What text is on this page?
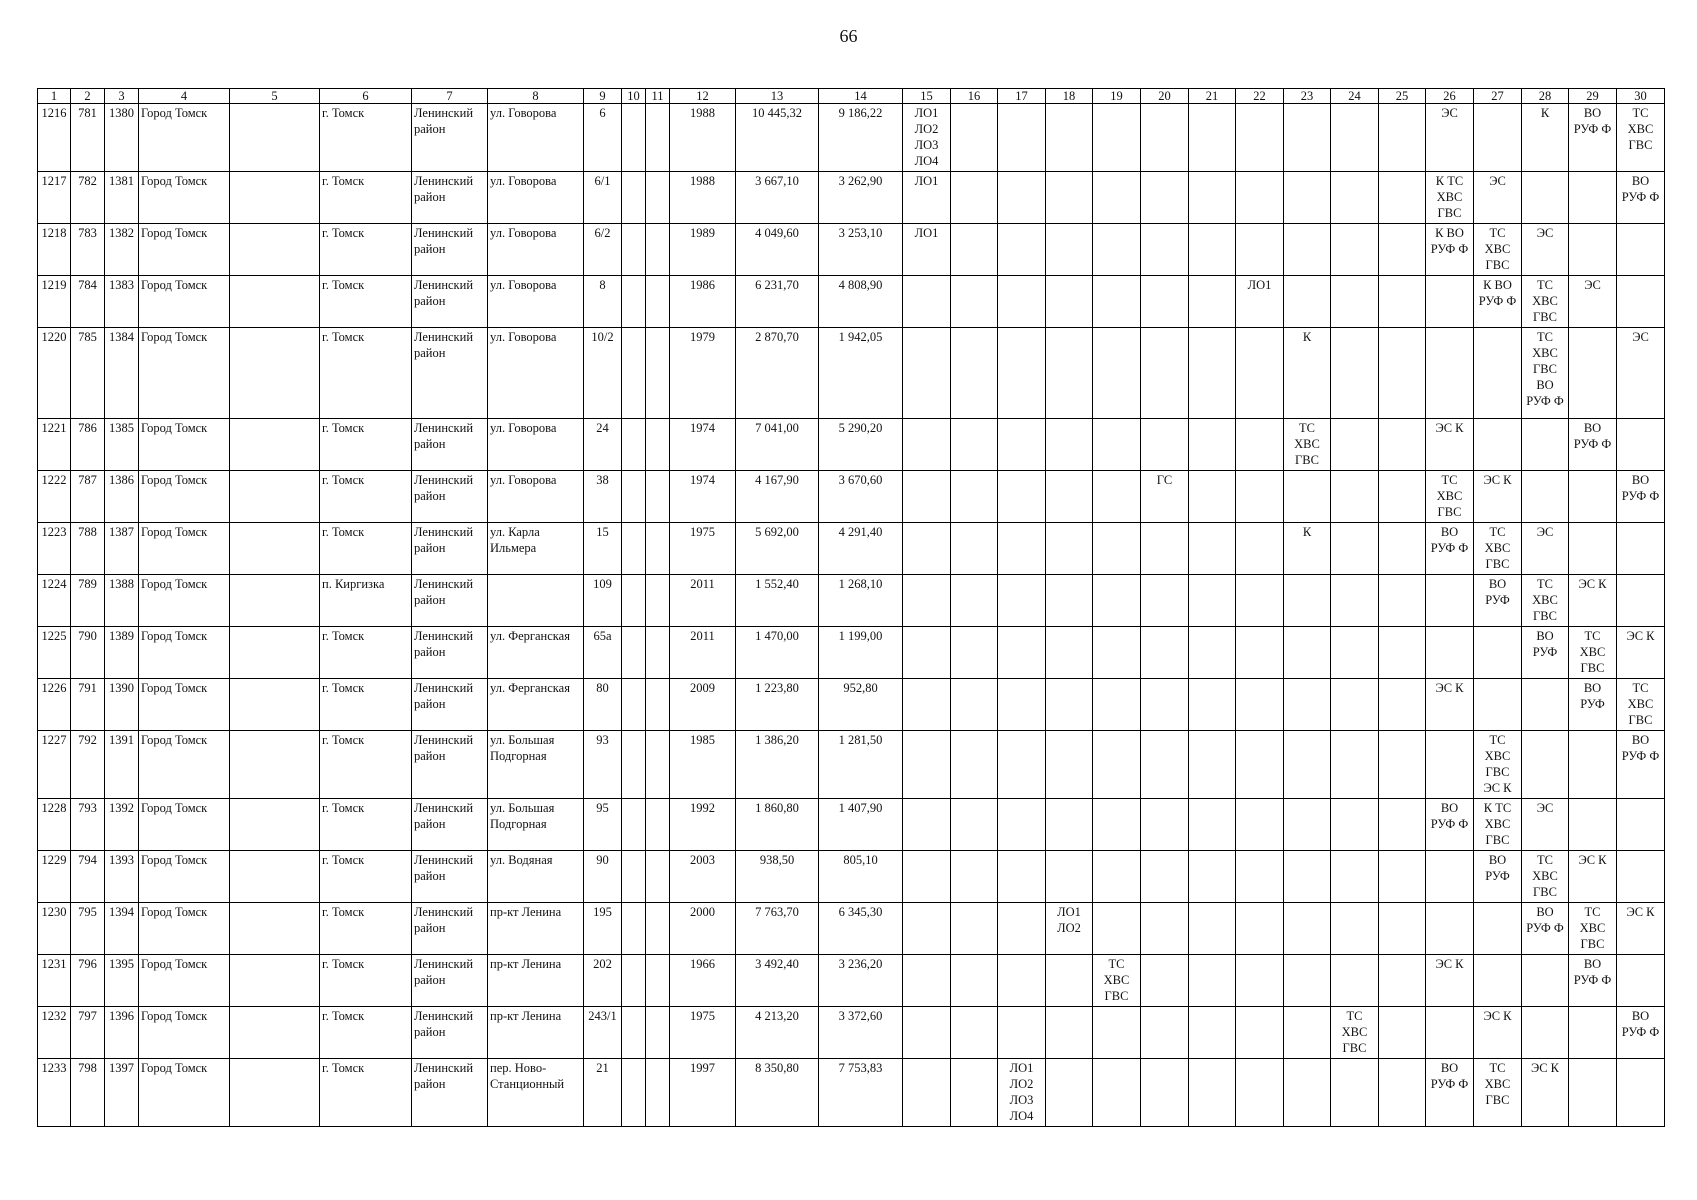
66
1	2	3	4	5	6	7	8	9	10	11	12	13	14	15	16	17	18	19	20	21	22	23	24	25	26	27	28	29	30
1216	781	1380	Город Томск		г. Томск	Ленинский
район	ул. Говорова	6			1988	10 445,32	9 186,22	ЛО1
ЛО2
ЛО3
ЛО4											ЭС		К	ВО
РУФ Ф	ТС
ХВС
ГВС
1217	782	1381	Город Томск		г. Томск	Ленинский
район	ул. Говорова	6/1			1988	3 667,10	3 262,90	ЛО1											К ТС
ХВС
ГВС	ЭС			ВО
РУФ Ф
1218	783	1382	Город Томск		г. Томск	Ленинский
район	ул. Говорова	6/2			1989	4 049,60	3 253,10	ЛО1											К ВО
РУФ Ф	ТС
ХВС
ГВС	ЭС		
1219	784	1383	Город Томск		г. Томск	Ленинский
район	ул. Говорова	8			1986	6 231,70	4 808,90								ЛО1					К ВО
РУФ Ф	ТС
ХВС
ГВС	ЭС	
1220	785	1384	Город Томск		г. Томск	Ленинский
район	ул. Говорова	10/2			1979	2 870,70	1 942,05									К					ТС
ХВС
ГВС
ВО
РУФ Ф		ЭС
1221	786	1385	Город Томск		г. Томск	Ленинский
район	ул. Говорова	24			1974	7 041,00	5 290,20									ТС
ХВС
ГВС			ЭС К			ВО
РУФ Ф	
1222	787	1386	Город Томск		г. Томск	Ленинский
район	ул. Говорова	38			1974	4 167,90	3 670,60						ГС						ТС
ХВС
ГВС	ЭС К			ВО
РУФ Ф
1223	788	1387	Город Томск		г. Томск	Ленинский
район	ул. Карла
Ильмера	15			1975	5 692,00	4 291,40									К			ВО
РУФ Ф	ТС
ХВС
ГВС	ЭС		
1224	789	1388	Город Томск		п. Киргизка	Ленинский
район		109			2011	1 552,40	1 268,10													ВО
РУФ	ТС
ХВС
ГВС	ЭС К	
1225	790	1389	Город Томск		г. Томск	Ленинский
район	ул. Ферганская	65а			2011	1 470,00	1 199,00														ВО
РУФ	ТС
ХВС
ГВС	ЭС К
1226	791	1390	Город Томск		г. Томск	Ленинский
район	ул. Ферганская	80			2009	1 223,80	952,80												ЭС К			ВО
РУФ	ТС
ХВС
ГВС
1227	792	1391	Город Томск		г. Томск	Ленинский
район	ул. Большая
Подгорная	93			1985	1 386,20	1 281,50													ТС
ХВС
ГВС
ЭС К			ВО
РУФ Ф
1228	793	1392	Город Томск		г. Томск	Ленинский
район	ул. Большая
Подгорная	95			1992	1 860,80	1 407,90												ВО
РУФ Ф	К ТС
ХВС
ГВС	ЭС		
1229	794	1393	Город Томск		г. Томск	Ленинский
район	ул. Водяная	90			2003	938,50	805,10													ВО
РУФ	ТС
ХВС
ГВС	ЭС К	
1230	795	1394	Город Томск		г. Томск	Ленинский
район	пр-кт Ленина	195			2000	7 763,70	6 345,30				ЛО1
ЛО2										ВО
РУФ Ф	ТС
ХВС
ГВС	ЭС К
1231	796	1395	Город Томск		г. Томск	Ленинский
район	пр-кт Ленина	202			1966	3 492,40	3 236,20					ТС
ХВС
ГВС							ЭС К			ВО
РУФ Ф	
1232	797	1396	Город Томск		г. Томск	Ленинский
район	пр-кт Ленина	243/1			1975	4 213,20	3 372,60										ТС
ХВС
ГВС			ЭС К			ВО
РУФ Ф
1233	798	1397	Город Томск		г. Томск	Ленинский
район	пер. Ново-
Станционный	21			1997	8 350,80	7 753,83			ЛО1
ЛО2
ЛО3
ЛО4									ВО
РУФ Ф	ТС
ХВС
ГВС	ЭС К		
